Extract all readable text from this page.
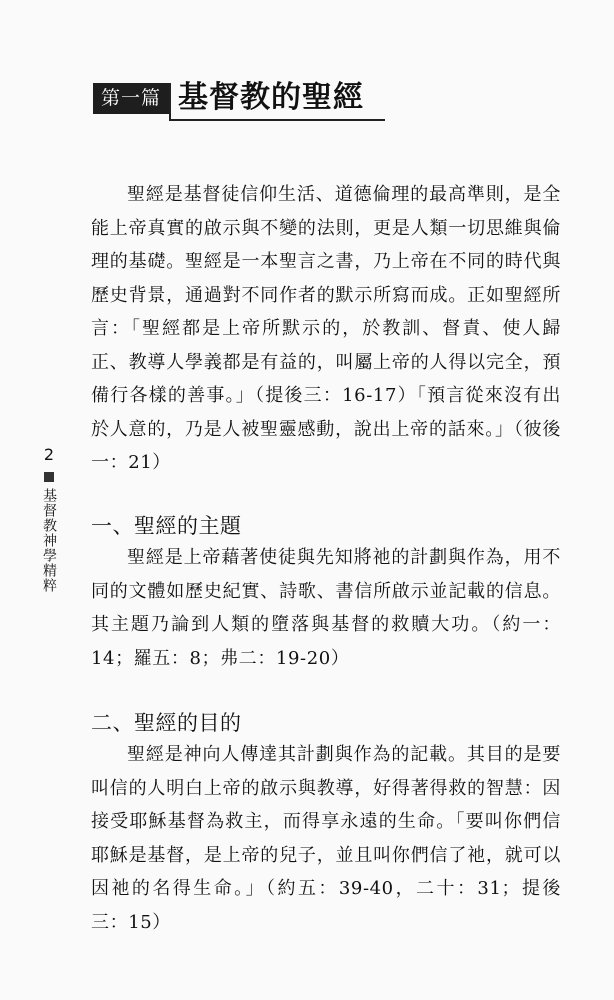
第一篇 基督教的聖經
2
基督教神學精粹

聖經是基督徒信仰生活、道德倫理的最高準則，是全能上帝真實的啟示與不變的法則，更是人類一切思維與倫理的基礎。聖經是一本聖言之書，乃上帝在不同的時代與歷史背景，通過對不同作者的默示所寫而成。正如聖經所言：「聖經都是上帝所默示的，於教訓、督責、使人歸正、教導人學義都是有益的，叫屬上帝的人得以完全，預備行各樣的善事。」（提後三：16-17）「預言從來沒有出於人意的，乃是人被聖靈感動，說出上帝的話來。」（彼後一：21）

一、聖經的主題

聖經是上帝藉著使徒與先知將祂的計劃與作為，用不同的文體如歷史紀實、詩歌、書信所啟示並記載的信息。其主題乃論到人類的墮落與基督的救贖大功。（約一：14；羅五：8；弗二：19-20）

二、聖經的目的

聖經是神向人傳達其計劃與作為的記載。其目的是要叫信的人明白上帝的啟示與教導，好得著得救的智慧：因接受耶穌基督為救主，而得享永遠的生命。「要叫你們信耶穌是基督，是上帝的兒子，並且叫你們信了祂，就可以因祂的名得生命。」（約五：39-40，二十：31；提後三：15）
